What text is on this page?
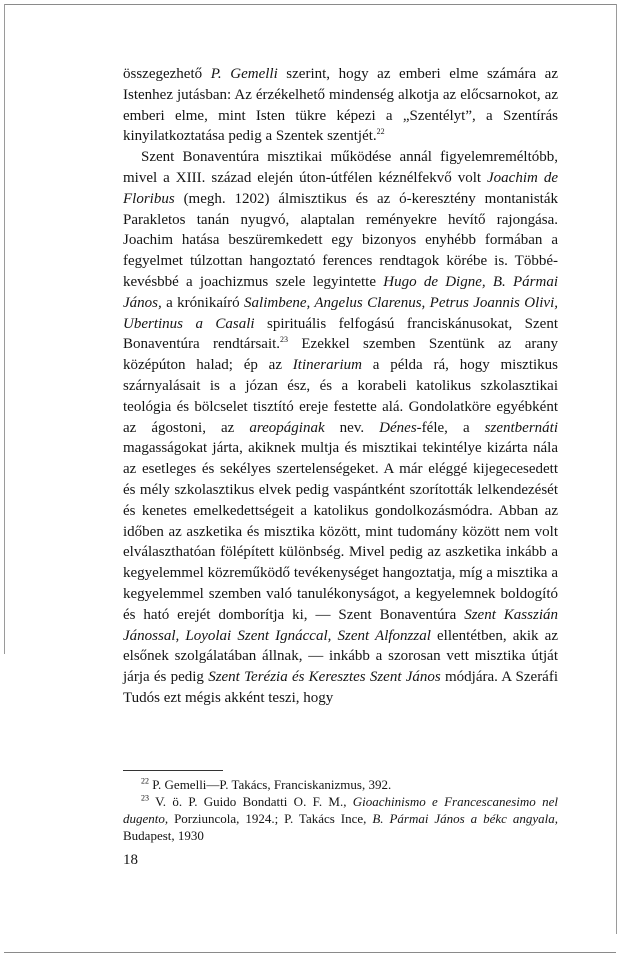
összegezhető P. Gemelli szerint, hogy az emberi elme számára az Istenhez jutásban: Az érzékelhető mindenség alkotja az előcsarnokot, az emberi elme, mint Isten tükre képezi a „Szentélyt”, a Szentírás kinyilatkoztatása pedig a Szentek szentjét.$^{22}$

Szent Bonaventúra misztikai működése annál figyelemreméltóbb, mivel a XIII. század elején úton-útfélen kéznélfekvő volt Joachim de Floribus (megh. 1202) álmisztikus és az ó-keresztény montanisták Parakletos tanán nyugvó, alaptalan reményekre hevítő rajongása. Joachim hatása beszüremkedett egy bizonyos enyhébb formában a fegyelmet túlzottan hangoztató ferences rendtagok körébe is. Többé-kevésbbé a joachizmus szele legyintette Hugo de Digne, B. Pármai János, a krónikaíró Salimbene, Angelus Clarenus, Petrus Joannis Olivi, Ubertinus a Casali spirituális felfogású franciskánusokat, Szent Bonaventúra rendtársait.$^{23}$ Ezekkel szemben Szentünk az arany középúton halad; ép az Itinerarium a példa rá, hogy misztikus szárnyalásait is a józan ész, és a korabeli katolikus szkolasztikai teológia és bölcselet tisztító ereje festette alá. Gondolatköre egyébként az ágostoni, az areopáginak nev. Dénes-féle, a szentbernáti magasságokat járta, akiknek multja és misztikai tekintélye kizárta nála az esetleges és sekélyes szertelenségeket. A már eléggé kijegecesedett és mély szkolasztikus elvek pedig vaspántként szorították lelkendezését és kenetes emelkedettségeit a katolikus gondolkozásmódra. Abban az időben az aszketika és misztika között, mint tudomány között nem volt elválaszthatóan fölépített különbség. Mivel pedig az aszketika inkább a kegyelemmel közreműködő tevékenységet hangoztatja, míg a misztika a kegyelemmel szemben való tanulékonyságot, a kegyelemnek boldogító és ható erejét domborítja ki, — Szent Bonaventúra Szent Kasszián Jánossal, Loyolai Szent Ignáccal, Szent Alfonzzal ellentétben, akik az elsőnek szolgálatában állnak, — inkább a szorosan vett misztika útját járja és pedig Szent Terézia és Keresztes Szent János módjára. A Szeráfi Tudós ezt mégis akként teszi, hogy

$^{22}$ P. Gemelli—P. Takács, Franciskanizmus, 392.

$^{23}$ V. ö. P. Guido Bondatti O. F. M., Gioachinismo e Francescanesimo nel dugento, Porziuncola, 1924.; P. Takács Ince, B. Pármai János a békc angyala, Budapest, 1930

18
